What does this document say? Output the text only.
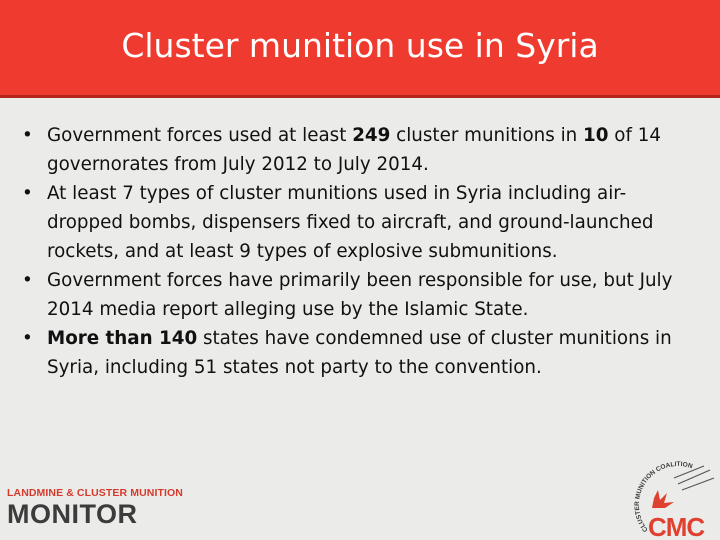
Cluster munition use in Syria
• Government forces used at least 249 cluster munitions in 10 of 14 governorates from July 2012 to July 2014.
• At least 7 types of cluster munitions used in Syria including air-dropped bombs, dispensers fixed to aircraft, and ground-launched rockets, and at least 9 types of explosive submunitions.
• Government forces have primarily been responsible for use, but July 2014 media report alleging use by the Islamic State.
• More than 140 states have condemned use of cluster munitions in Syria, including 51 states not party to the convention.
LANDMINE & CLUSTER MUNITION
MONITOR
CLUSTER MUNITION COALITION
CMC
